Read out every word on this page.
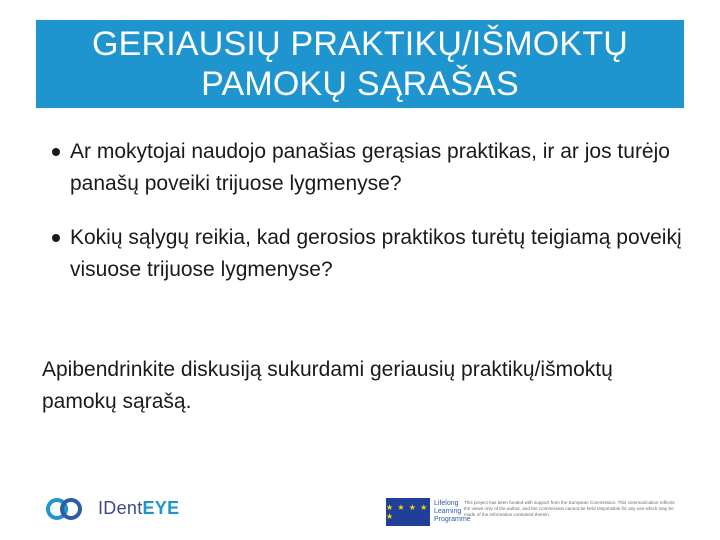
GERIAUSIŲ PRAKTIKŲ/IŠMOKTŲ
PAMOKŲ SĄRAŠAS
Ar mokytojai naudojo panašias gerąsias praktikas, ir ar jos turėjo panašų poveiki trijuose lygmenyse?
Kokių sąlygų reikia, kad gerosios praktikos turėtų teigiamą poveikį visuose trijuose lygmenyse?

Apibendrinkite diskusiją sukurdami geriausių praktikų/išmoktų pamokų sąrašą.

IDentEYE	★ ★ ★ ★ ★
Lifelong Learning Programme

This project has been funded with support from the European Commission. This communication reflects the views only of the author, and the Commission cannot be held responsible for any use which may be made of the information contained therein.
